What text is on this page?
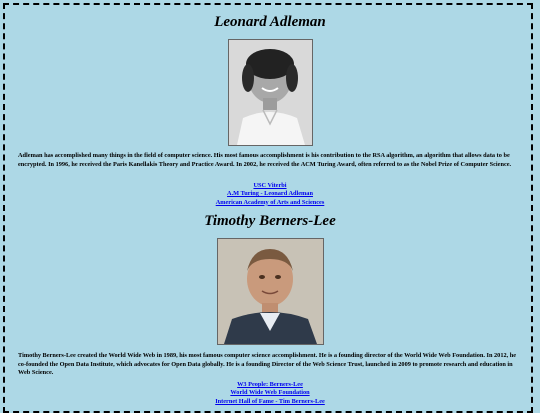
Leonard Adleman

Adleman has accomplished many things in the field of computer science. His most famous accomplishment is his contribution to the RSA algorithm, an algorithm that allows data to be encrypted. In 1996, he received the Paris Kanellakis Theory and Practice Award. In 2002, he received the ACM Turing Award, often referred to as the Nobel Prize of Computer Science.

USC Viterbi
A.M Turing - Leonard Adleman
American Academy of Arts and Sciences
Timothy Berners-Lee

Timothy Berners-Lee created the World Wide Web in 1989, his most famous computer science accomplishment. He is a founding director of the World Wide Web Foundation. In 2012, he co-founded the Open Data Institute, which advocates for Open Data globally. He is a founding Director of the Web Science Trust, launched in 2009 to promote research and education in Web Science.

W3 People: Berners-Lee
World Wide Web Foundation
Internet Hall of Fame - Tim Berners-Lee
